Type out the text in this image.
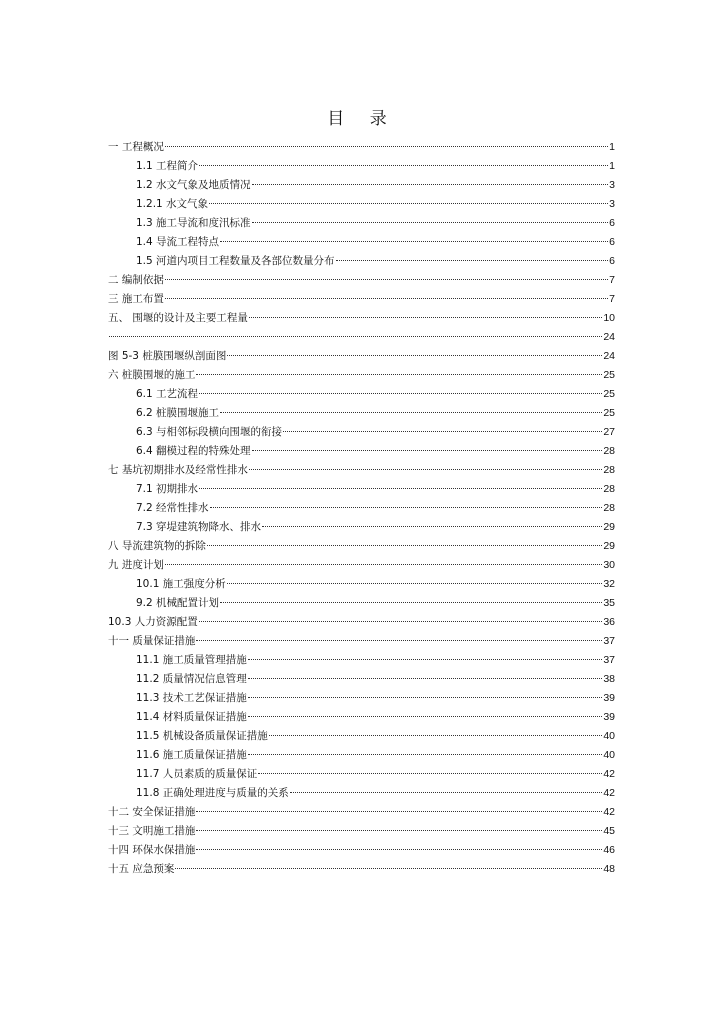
目 录
一 工程概况	1
1.1 工程简介	1
1.2 水文气象及地质情况	3
1.2.1 水文气象	3
1.3 施工导流和度汛标准	6
1.4 导流工程特点	6
1.5 河道内项目工程数量及各部位数量分布	6
二 编制依据	7
三 施工布置	7
五、 围堰的设计及主要工程量	10
24
图 5-3 桩膜围堰纵剖面图	24
六 桩膜围堰的施工	25
6.1 工艺流程	25
6.2 桩膜围堰施工	25
6.3 与相邻标段横向围堰的衔接	27
6.4 翻模过程的特殊处理	28
七 基坑初期排水及经常性排水	28
7.1 初期排水	28
7.2 经常性排水	28
7.3 穿堤建筑物降水、排水	29
八 导流建筑物的拆除	29
九 进度计划	30
10.1 施工强度分析	32
9.2 机械配置计划	35
10.3 人力资源配置	36
十一 质量保证措施	37
11.1 施工质量管理措施	37
11.2 质量情况信息管理	38
11.3 技术工艺保证措施	39
11.4 材料质量保证措施	39
11.5 机械设备质量保证措施	40
11.6 施工质量保证措施	40
11.7 人员素质的质量保证	42
11.8 正确处理进度与质量的关系	42
十二 安全保证措施	42
十三 文明施工措施	45
十四 环保水保措施	46
十五 应急预案	48
